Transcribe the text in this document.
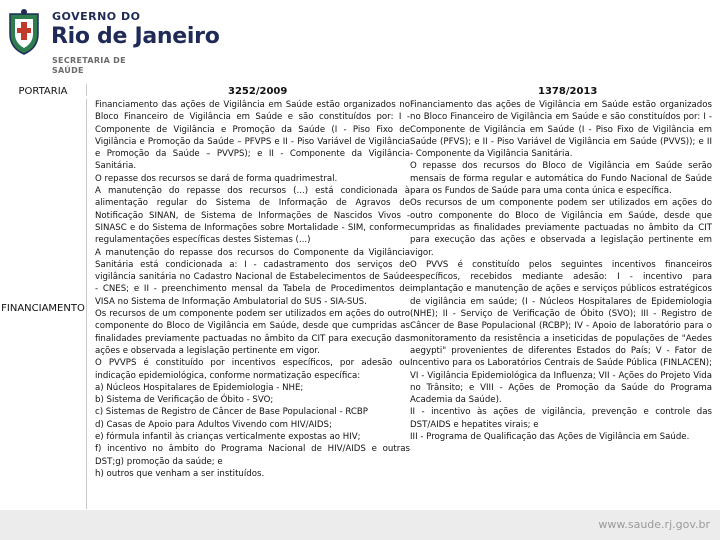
GOVERNO DO
Rio de Janeiro
SECRETARIA DE
SAÚDE
PORTARIA
FINANCIAMENTO
3252/2009	1378/2013

Financiamento das ações de Vigilância em Saúde estão organizados no Bloco Financeiro de Vigilância em Saúde e são constituídos por: I - Componente de Vigilância e Promoção da Saúde (I - Piso Fixo de Vigilância e Promoção da Saúde – PFVPS e II - Piso Variável de Vigilância e Promoção da Saúde – PVVPS); e II - Componente da Vigilância Sanitária.

O repasse dos recursos se dará de forma quadrimestral.

A manutenção do repasse dos recursos (...) está condicionada à alimentação regular do Sistema de Informação de Agravos de Notificação SINAN, de Sistema de Informações de Nascidos Vivos - SINASC e do Sistema de Informações sobre Mortalidade - SIM, conforme regulamentações específicas destes Sistemas (...)

A manutenção do repasse dos recursos do Componente da Vigilância Sanitária está condicionada a: I - cadastramento dos serviços de vigilância sanitária no Cadastro Nacional de Estabelecimentos de Saúde - CNES; e II - preenchimento mensal da Tabela de Procedimentos de VISA no Sistema de Informação Ambulatorial do SUS - SIA-SUS.

Os recursos de um componente podem ser utilizados em ações do outro componente do Bloco de Vigilância em Saúde, desde que cumpridas as finalidades previamente pactuadas no âmbito da CIT para execução das ações e observada a legislação pertinente em vigor.

O PVVPS é constituído por incentivos específicos, por adesão ou indicação epidemiológica, conforme normatização específica:

a) Núcleos Hospitalares de Epidemiologia - NHE;

b) Sistema de Verificação de Óbito - SVO;

c) Sistemas de Registro de Câncer de Base Populacional - RCBP

d) Casas de Apoio para Adultos Vivendo com HIV/AIDS;

e) fórmula infantil às crianças verticalmente expostas ao HIV;

f) incentivo no âmbito do Programa Nacional de HIV/AIDS e outras DST;g) promoção da saúde; e

h) outros que venham a ser instituídos.

Financiamento das ações de Vigilância em Saúde estão organizados no Bloco Financeiro de Vigilância em Saúde e são constituídos por: I - Componente de Vigilância em Saúde (I - Piso Fixo de Vigilância em Saúde (PFVS); e II - Piso Variável de Vigilância em Saúde (PVVS)); e II - Componente da Vigilância Sanitária.

O repasse dos recursos do Bloco de Vigilância em Saúde serão mensais de forma regular e automática do Fundo Nacional de Saúde para os Fundos de Saúde para uma conta única e específica.

Os recursos de um componente podem ser utilizados em ações do outro componente do Bloco de Vigilância em Saúde, desde que cumpridas as finalidades previamente pactuadas no âmbito da CIT para execução das ações e observada a legislação pertinente em vigor.

O PVVS é constituído pelos seguintes incentivos financeiros específicos, recebidos mediante adesão: I - incentivo para implantação e manutenção de ações e serviços públicos estratégicos de vigilância em saúde; (I - Núcleos Hospitalares de Epidemiologia (NHE); II - Serviço de Verificação de Óbito (SVO); III - Registro de Câncer de Base Populacional (RCBP); IV - Apoio de laboratório para o monitoramento da resistência a inseticidas de populações de "Aedes aegypti" provenientes de diferentes Estados do País; V - Fator de Incentivo para os Laboratórios Centrais de Saúde Pública (FINLACEN); VI - Vigilância Epidemiológica da Influenza; VII - Ações do Projeto Vida no Trânsito; e VIII - Ações de Promoção da Saúde do Programa Academia da Saúde).

II - incentivo às ações de vigilância, prevenção e controle das DST/AIDS e hepatites virais; e

III - Programa de Qualificação das Ações de Vigilância em Saúde.

www.saude.rj.gov.br
